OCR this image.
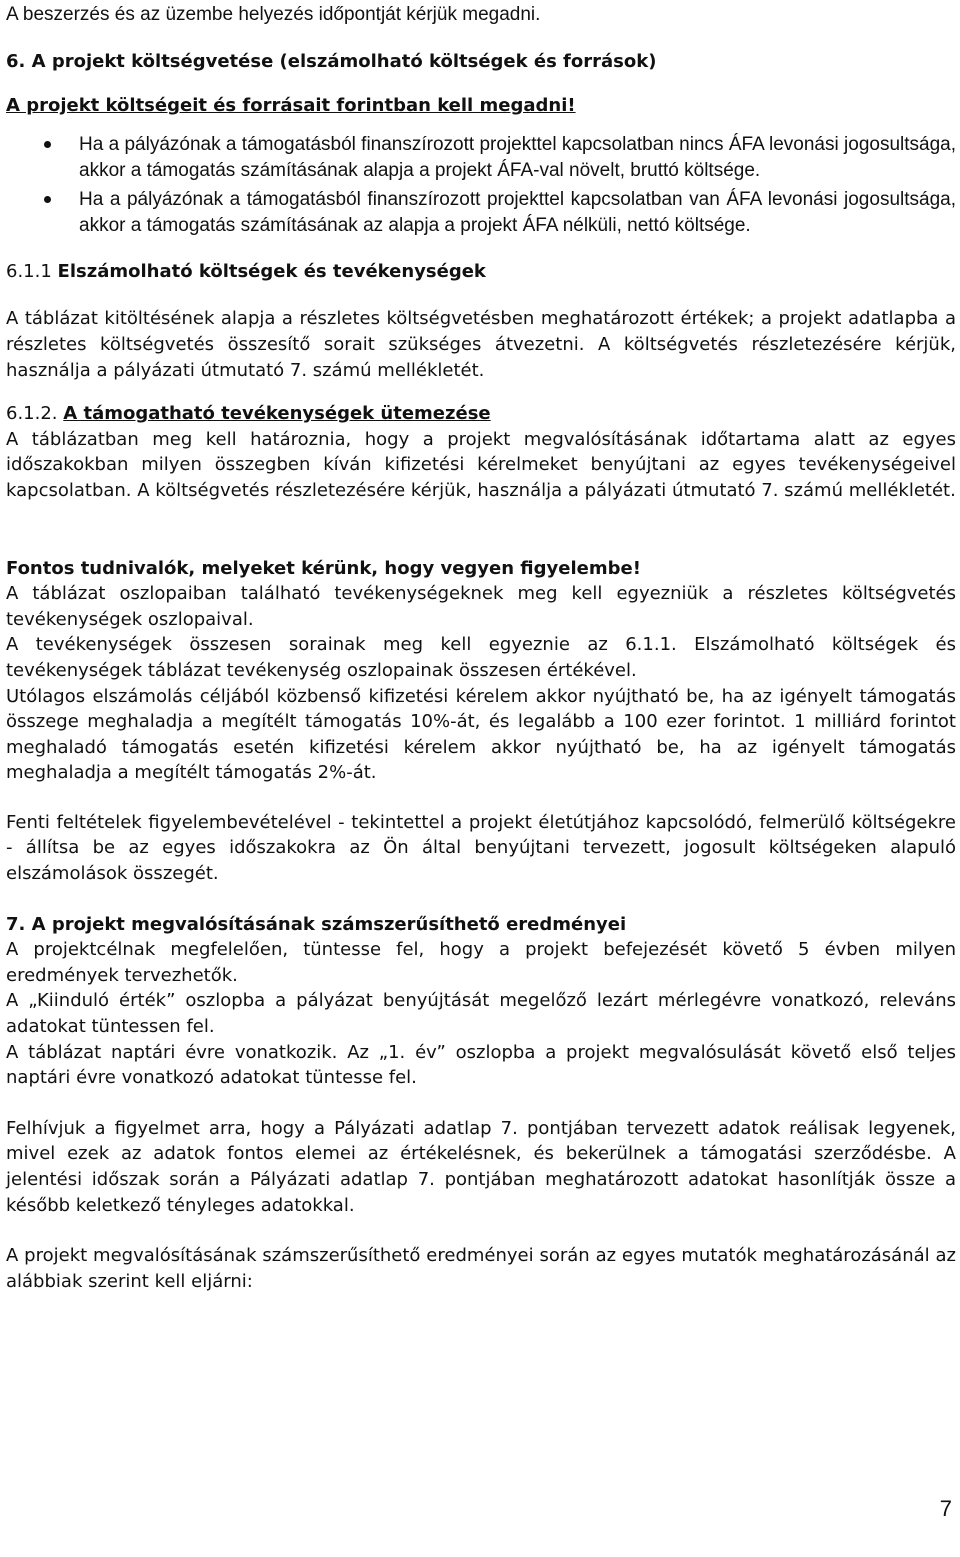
A beszerzés és az üzembe helyezés időpontját kérjük megadni.

6. A projekt költségvetése (elszámolható költségek és források)

A projekt költségeit és forrásait forintban kell megadni!

Ha a pályázónak a támogatásból finanszírozott projekttel kapcsolatban nincs ÁFA levonási jogosultsága, akkor a támogatás számításának alapja a projekt ÁFA-val növelt, bruttó költsége.
Ha a pályázónak a támogatásból finanszírozott projekttel kapcsolatban van ÁFA levonási jogosultsága, akkor a támogatás számításának az alapja a projekt ÁFA nélküli, nettó költsége.

6.1.1 Elszámolható költségek és tevékenységek

A táblázat kitöltésének alapja a részletes költségvetésben meghatározott értékek; a projekt adatlapba a részletes költségvetés összesítő sorait szükséges átvezetni. A költségvetés részletezésére kérjük, használja a pályázati útmutató 7. számú mellékletét.

6.1.2. A támogatható tevékenységek ütemezése

A táblázatban meg kell határoznia, hogy a projekt megvalósításának időtartama alatt az egyes időszakokban milyen összegben kíván kifizetési kérelmeket benyújtani az egyes tevékenységeivel kapcsolatban. A költségvetés részletezésére kérjük, használja a pályázati útmutató 7. számú mellékletét.

Fontos tudnivalók, melyeket kérünk, hogy vegyen figyelembe!

A táblázat oszlopaiban található tevékenységeknek meg kell egyezniük a részletes költségvetés tevékenységek oszlopaival.

A tevékenységek összesen sorainak meg kell egyeznie az 6.1.1. Elszámolható költségek és tevékenységek táblázat tevékenység oszlopainak összesen értékével.

Utólagos elszámolás céljából közbenső kifizetési kérelem akkor nyújtható be, ha az igényelt támogatás összege meghaladja a megítélt támogatás 10%-át, és legalább a 100 ezer forintot. 1 milliárd forintot meghaladó támogatás esetén kifizetési kérelem akkor nyújtható be, ha az igényelt támogatás meghaladja a megítélt támogatás 2%-át.

Fenti feltételek figyelembevételével - tekintettel a projekt életútjához kapcsolódó, felmerülő költségekre - állítsa be az egyes időszakokra az Ön által benyújtani tervezett, jogosult költségeken alapuló elszámolások összegét.

7. A projekt megvalósításának számszerűsíthető eredményei

A projektcélnak megfelelően, tüntesse fel, hogy a projekt befejezését követő 5 évben milyen eredmények tervezhetők.

A „Kiinduló érték” oszlopba a pályázat benyújtását megelőző lezárt mérlegévre vonatkozó, releváns adatokat tüntessen fel.

A táblázat naptári évre vonatkozik. Az „1. év” oszlopba a projekt megvalósulását követő első teljes naptári évre vonatkozó adatokat tüntesse fel.

Felhívjuk a figyelmet arra, hogy a Pályázati adatlap 7. pontjában tervezett adatok reálisak legyenek, mivel ezek az adatok fontos elemei az értékelésnek, és bekerülnek a támogatási szerződésbe. A jelentési időszak során a Pályázati adatlap 7. pontjában meghatározott adatokat hasonlítják össze a később keletkező tényleges adatokkal.

A projekt megvalósításának számszerűsíthető eredményei során az egyes mutatók meghatározásánál az alábbiak szerint kell eljárni:

7
